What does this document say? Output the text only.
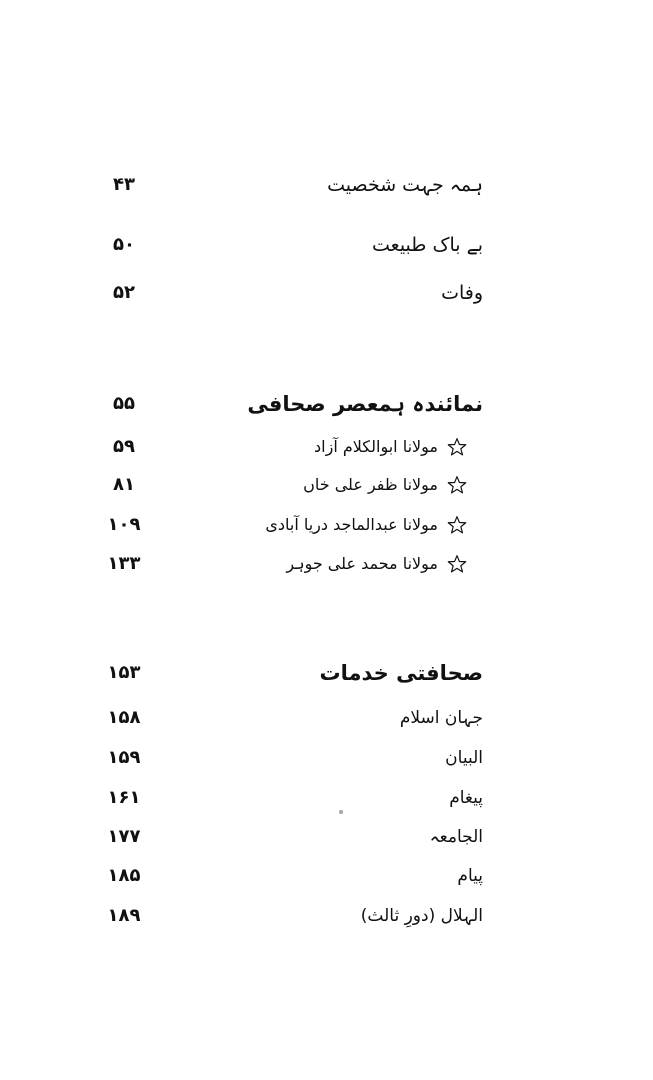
ہمہ جہت شخصیت
۴۳
بے باک طبیعت
۵۰
وفات
۵۲
نمائندہ ہمعصر صحافی
۵۵
مولانا ابوالکلام آزاد
۵۹
مولانا ظفر علی خاں
۸۱
مولانا عبدالماجد دریا آبادی
۱۰۹
مولانا محمد علی جوہر
۱۳۳
صحافتی خدمات
۱۵۳
جہان اسلام
۱۵۸
البیان
۱۵۹
پیغام
۱۶۱
الجامعہ
۱۷۷
پیام
۱۸۵
الہلال (دورِ ثالث)
۱۸۹
